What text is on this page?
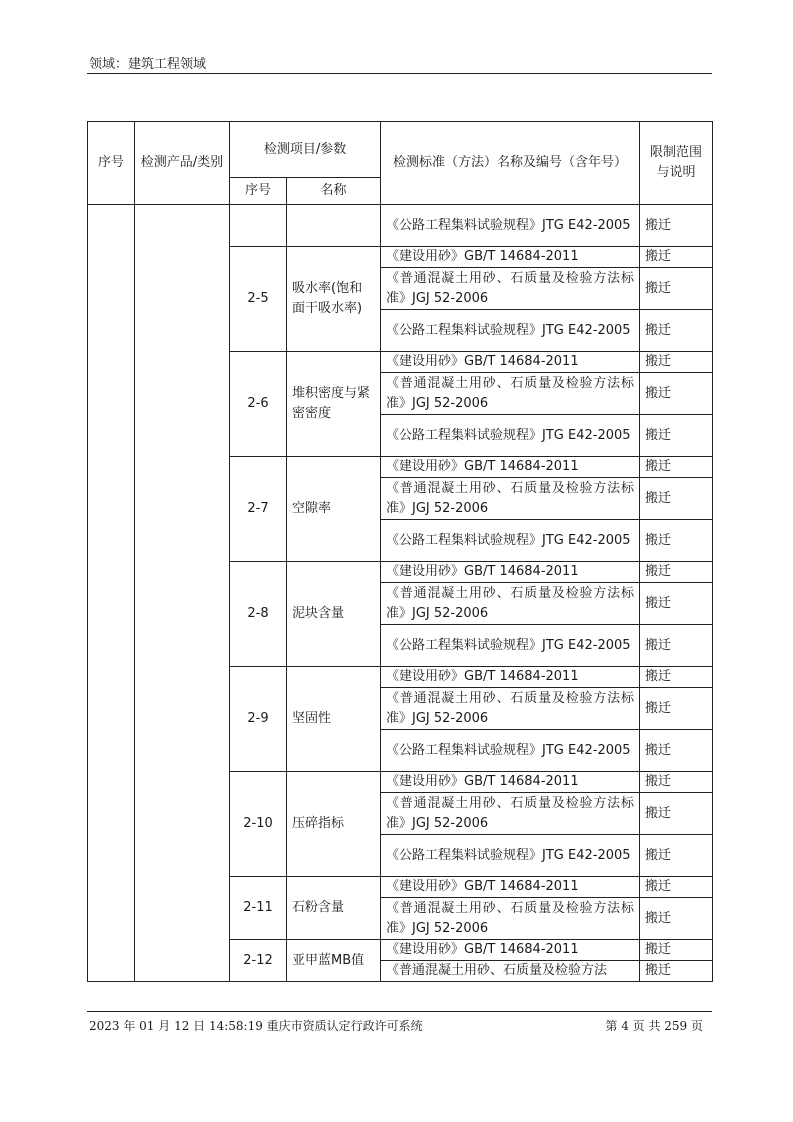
领域：建筑工程领域
序号	检测产品/类别	检测项目/参数		检测标准（方法）名称及编号（含年号）	限制范围与说明
		序号	名称		
				《公路工程集料试验规程》JTG E42-2005	搬迁
		2-5	吸水率(饱和面干吸水率)	《建设用砂》GB/T 14684-2011	搬迁
				《普通混凝土用砂、石质量及检验方法标准》JGJ 52-2006	搬迁
				《公路工程集料试验规程》JTG E42-2005	搬迁
		2-6	堆积密度与紧密密度	《建设用砂》GB/T 14684-2011	搬迁
				《普通混凝土用砂、石质量及检验方法标准》JGJ 52-2006	搬迁
				《公路工程集料试验规程》JTG E42-2005	搬迁
		2-7	空隙率	《建设用砂》GB/T 14684-2011	搬迁
				《普通混凝土用砂、石质量及检验方法标准》JGJ 52-2006	搬迁
				《公路工程集料试验规程》JTG E42-2005	搬迁
		2-8	泥块含量	《建设用砂》GB/T 14684-2011	搬迁
				《普通混凝土用砂、石质量及检验方法标准》JGJ 52-2006	搬迁
				《公路工程集料试验规程》JTG E42-2005	搬迁
		2-9	坚固性	《建设用砂》GB/T 14684-2011	搬迁
				《普通混凝土用砂、石质量及检验方法标准》JGJ 52-2006	搬迁
				《公路工程集料试验规程》JTG E42-2005	搬迁
		2-10	压碎指标	《建设用砂》GB/T 14684-2011	搬迁
				《普通混凝土用砂、石质量及检验方法标准》JGJ 52-2006	搬迁
				《公路工程集料试验规程》JTG E42-2005	搬迁
		2-11	石粉含量	《建设用砂》GB/T 14684-2011	搬迁
				《普通混凝土用砂、石质量及检验方法标准》JGJ 52-2006	搬迁
		2-12	亚甲蓝MB值	《建设用砂》GB/T 14684-2011	搬迁
				《普通混凝土用砂、石质量及检验方法	搬迁
2023 年 01 月 12 日 14:58:19 重庆市资质认定行政许可系统	第 4 页 共 259 页
